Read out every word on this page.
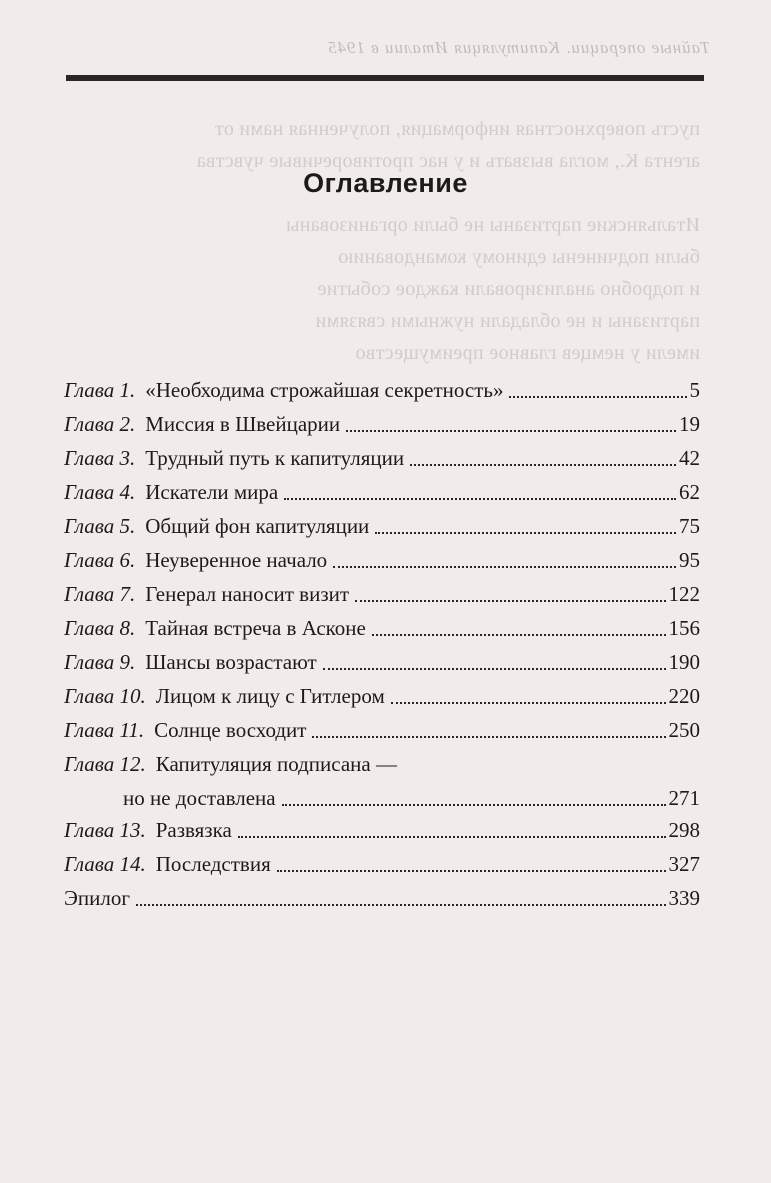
Тайные операции. Капитуляция Италии в 1945
пусть поверхностная информация, полученная нами от
агента К., могла вызвать и у нас противоречивые чувства
Итальянские партизаны не были организованы
были подчинены единому командованию
и подробно анализировали каждое событие
партизаны и не обладали нужными связями
имели у немцев главное преимущество
Оглавление
Глава
1. «Необходима строжайшая секретность»	5
Глава
2. Миссия в Швейцарии	19
Глава
3. Трудный путь к капитуляции	42
Глава
4. Искатели мира	62
Глава
5. Общий фон капитуляции	75
Глава
6. Неуверенное начало	95
Глава
7. Генерал наносит визит	122
Глава
8. Тайная встреча в Асконе	156
Глава
9. Шансы возрастают	190
Глава
10. Лицом к лицу с Гитлером	220
Глава
11. Солнце восходит	250
Глава
12. Капитуляция подписана —
но не доставлена	271
Глава
13. Развязка	298
Глава
14. Последствия	327
Эпилог	339
